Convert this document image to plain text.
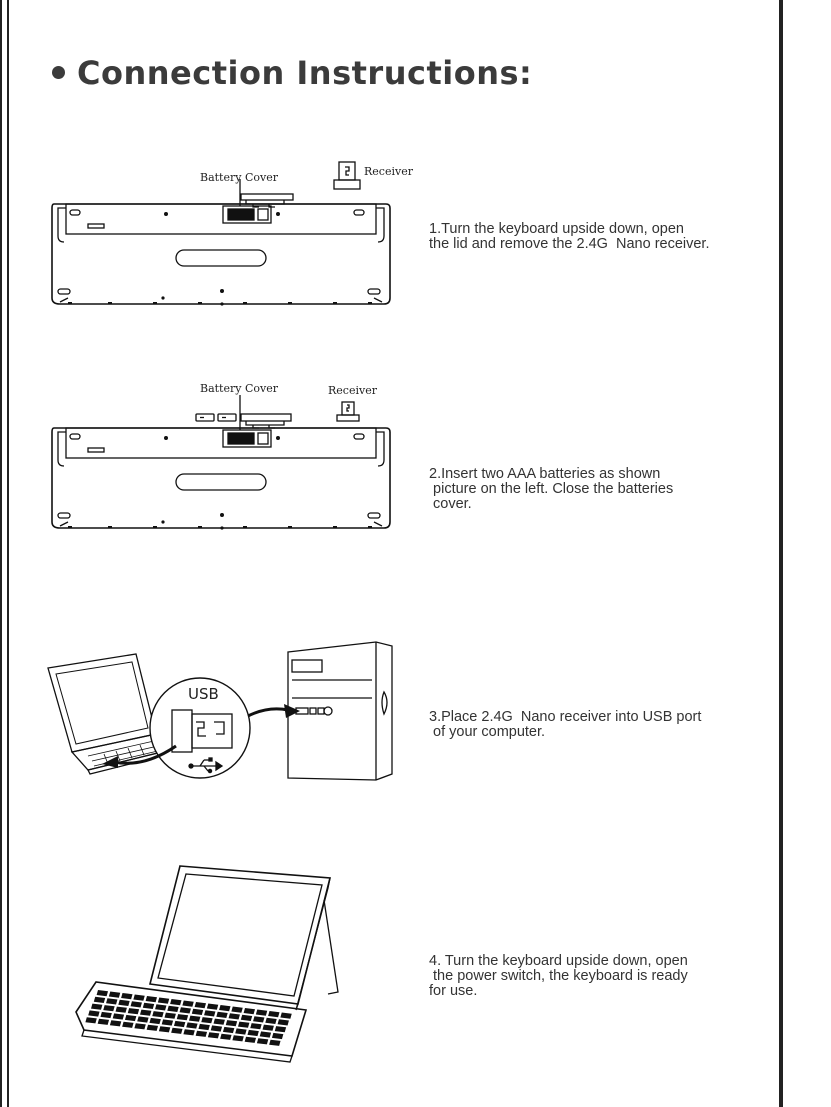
Connection Instructions:
Battery Cover	Receiver
1.Turn the keyboard upside down, open
the lid and remove the 2.4G  Nano receiver.
Battery Cover	Receiver
2.Insert two AAA batteries as shown
picture on the left. Close the batteries
cover.
USB
3.Place 2.4G  Nano receiver into USB port
of your computer.
4. Turn the keyboard upside down, open
the power switch, the keyboard is ready
for use.
